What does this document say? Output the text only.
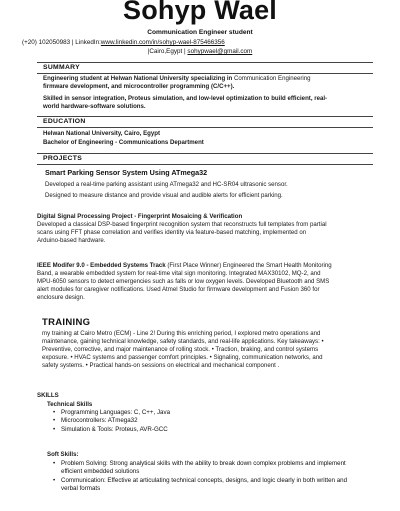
Sohyp Wael
Communication Engineer student
(+20) 102050983 | LinkedIn:www.linkedin.com/in/sohyp-wael-875466356
|Cairo,Egypt | sohypwael@gmail.com
SUMMARY
Engineering student at Helwan National University specializing in Communication Engineering
firmware development, and microcontroller programming (C/C++).
Skilled in sensor integration, Proteus simulation, and low-level optimization to build efficient, real-
world hardware-software solutions.
EDUCATION
Helwan National University, Cairo, Egypt
Bachelor of Engineering - Communications Department
PROJECTS
Smart Parking Sensor System Using ATmega32
Developed a real-time parking assistant using ATmega32 and HC-SR04 ultrasonic sensor.
Designed to measure distance and provide visual and audible alerts for efficient parking.
Digital Signal Processing Project - Fingerprint Mosaicing & Verification
Developed a classical DSP-based fingerprint recognition system that reconstructs full templates from partial
scans using FFT phase correlation and verifies identity via feature-based matching, implemented on
Arduino-based hardware.
IEEE Modifer 9.0 - Embedded Systems Track (First Place Winner) Engineered the Smart Health Monitoring
Band, a wearable embedded system for real-time vital sign monitoring. Integrated MAX30102, MQ-2, and
MPU-6050 sensors to detect emergencies such as falls or low oxygen levels. Developed Bluetooth and SMS
alert modules for caregiver notifications. Used Atmel Studio for firmware development and Fusion 360 for
enclosure design.
TRAINING
my training at Cairo Metro (ECM) - Line 2! During this enriching period, I explored metro operations and
maintenance, gaining technical knowledge, safety standards, and real-life applications. Key takeaways: •
Preventive, corrective, and major maintenance of rolling stock. • Traction, braking, and control systems
exposure. • HVAC systems and passenger comfort principles. • Signaling, communication networks, and
safety systems. • Practical hands-on sessions on electrical and mechanical component .
SKILLS
Technical Skills
• Programming Languages: C, C++, Java
• Microcontrollers: ATmega32
• Simulation & Tools: Proteus, AVR-GCC
Soft Skills:
• Problem Solving: Strong analytical skills with the ability to break down complex problems and implement
efficient embedded solutions
• Communication: Effective at articulating technical concepts, designs, and logic clearly in both written and
verbal formats
